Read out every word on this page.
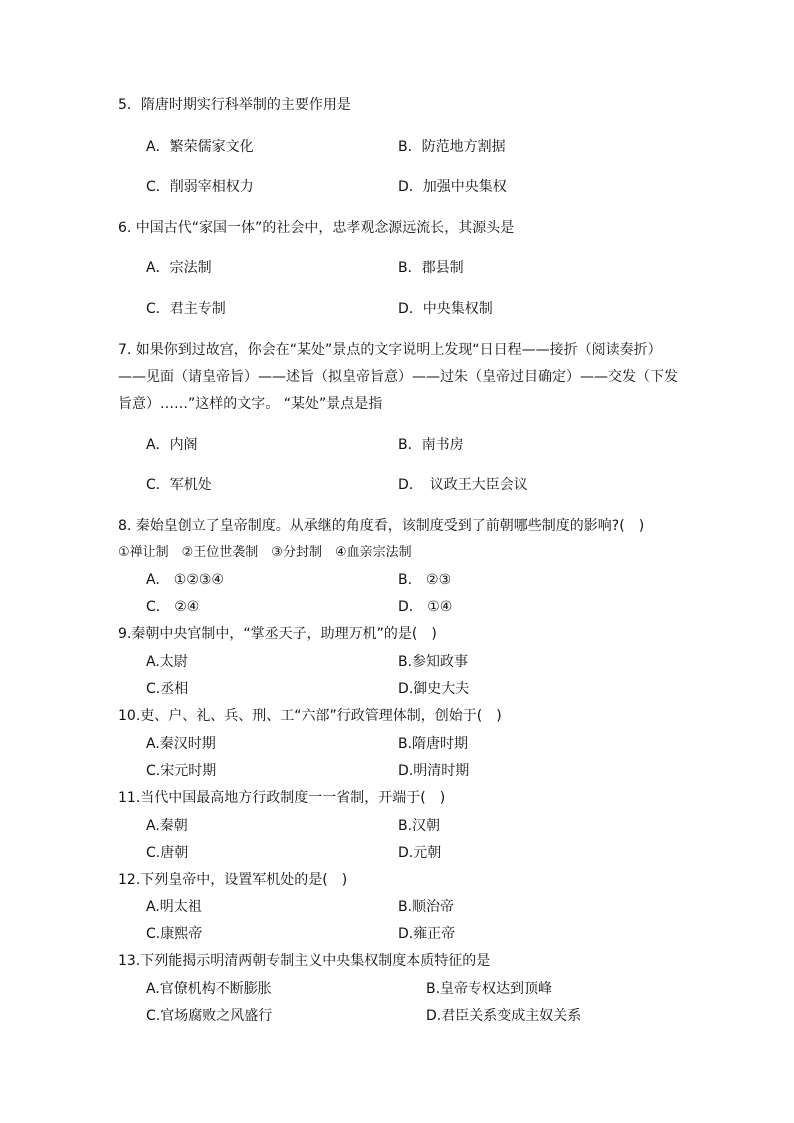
5．隋唐时期实行科举制的主要作用是
A．繁荣儒家文化	B．防范地方割据
C．削弱宰相权力	D．加强中央集权
6. 中国古代“家国一体”的社会中，忠孝观念源远流长，其源头是
A．宗法制	B．郡县制
C．君主专制	D．中央集权制
7. 如果你到过故宫，你会在“某处”景点的文字说明上发现“日日程——接折（阅读奏折）
——见面（请皇帝旨）——述旨（拟皇帝旨意）——过朱（皇帝过目确定）——交发（下发
旨意）……”这样的文字。 “某处”景点是指
A．内阁	B．南书房
C．军机处	D．　议政王大臣会议
8. 秦始皇创立了皇帝制度。从承继的角度看，该制度受到了前朝哪些制度的影响?(　)
①禅让制　②王位世袭制　③分封制　④血亲宗法制
A.　①②③④	B.　②③
C.　②④	D.　①④
9.秦朝中央官制中，“掌丞天子，助理万机”的是(　)
A.太尉	B.参知政事
C.丞相	D.御史大夫
10.吏、户、礼、兵、刑、工“六部”行政管理体制，创始于(　)
A.秦汉时期	B.隋唐时期
C.宋元时期	D.明清时期
11.当代中国最高地方行政制度一一省制，开端于(　)
A.秦朝	B.汉朝
C.唐朝	D.元朝
12.下列皇帝中，设置军机处的是(　)
A.明太祖	B.顺治帝
C.康熙帝	D.雍正帝
13.下列能揭示明清两朝专制主义中央集权制度本质特征的是
A.官僚机构不断膨胀	B.皇帝专权达到顶峰
C.官场腐败之风盛行	D.君臣关系变成主奴关系
